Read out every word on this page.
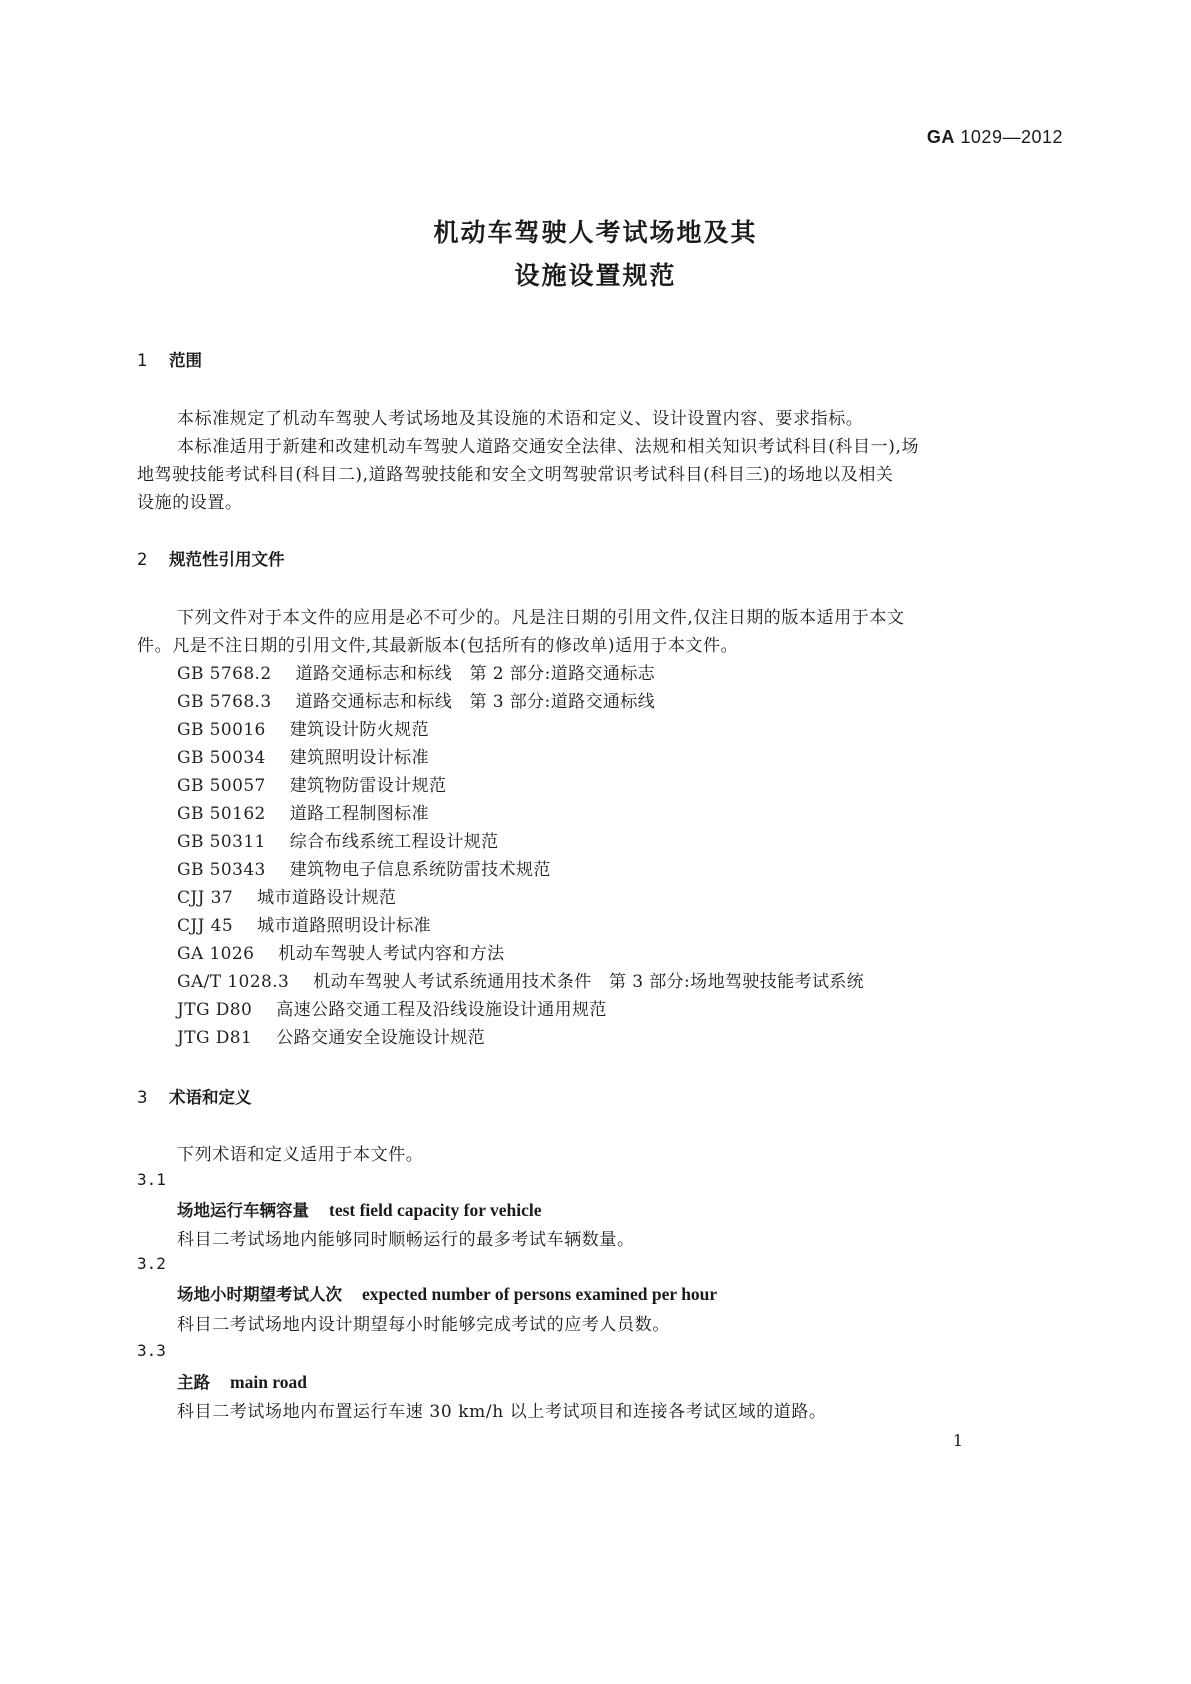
GA 1029—2012
机动车驾驶人考试场地及其
设施设置规范
1 范围
本标准规定了机动车驾驶人考试场地及其设施的术语和定义、设计设置内容、要求指标。
本标准适用于新建和改建机动车驾驶人道路交通安全法律、法规和相关知识考试科目(科目一),场
地驾驶技能考试科目(科目二),道路驾驶技能和安全文明驾驶常识考试科目(科目三)的场地以及相关
设施的设置。
2 规范性引用文件
下列文件对于本文件的应用是必不可少的。凡是注日期的引用文件,仅注日期的版本适用于本文
件。凡是不注日期的引用文件,其最新版本(包括所有的修改单)适用于本文件。
GB 5768.2 道路交通标志和标线　第 2 部分:道路交通标志
GB 5768.3 道路交通标志和标线　第 3 部分:道路交通标线
GB 50016 建筑设计防火规范
GB 50034 建筑照明设计标准
GB 50057 建筑物防雷设计规范
GB 50162 道路工程制图标准
GB 50311 综合布线系统工程设计规范
GB 50343 建筑物电子信息系统防雷技术规范
CJJ 37 城市道路设计规范
CJJ 45 城市道路照明设计标准
GA 1026 机动车驾驶人考试内容和方法
GA/T 1028.3 机动车驾驶人考试系统通用技术条件　第 3 部分:场地驾驶技能考试系统
JTG D80 高速公路交通工程及沿线设施设计通用规范
JTG D81 公路交通安全设施设计规范
3 术语和定义
下列术语和定义适用于本文件。
3.1
场地运行车辆容量 test field capacity for vehicle
科目二考试场地内能够同时顺畅运行的最多考试车辆数量。
3.2
场地小时期望考试人次 expected number of persons examined per hour
科目二考试场地内设计期望每小时能够完成考试的应考人员数。
3.3
主路 main road
科目二考试场地内布置运行车速 30 km/h 以上考试项目和连接各考试区域的道路。
1
